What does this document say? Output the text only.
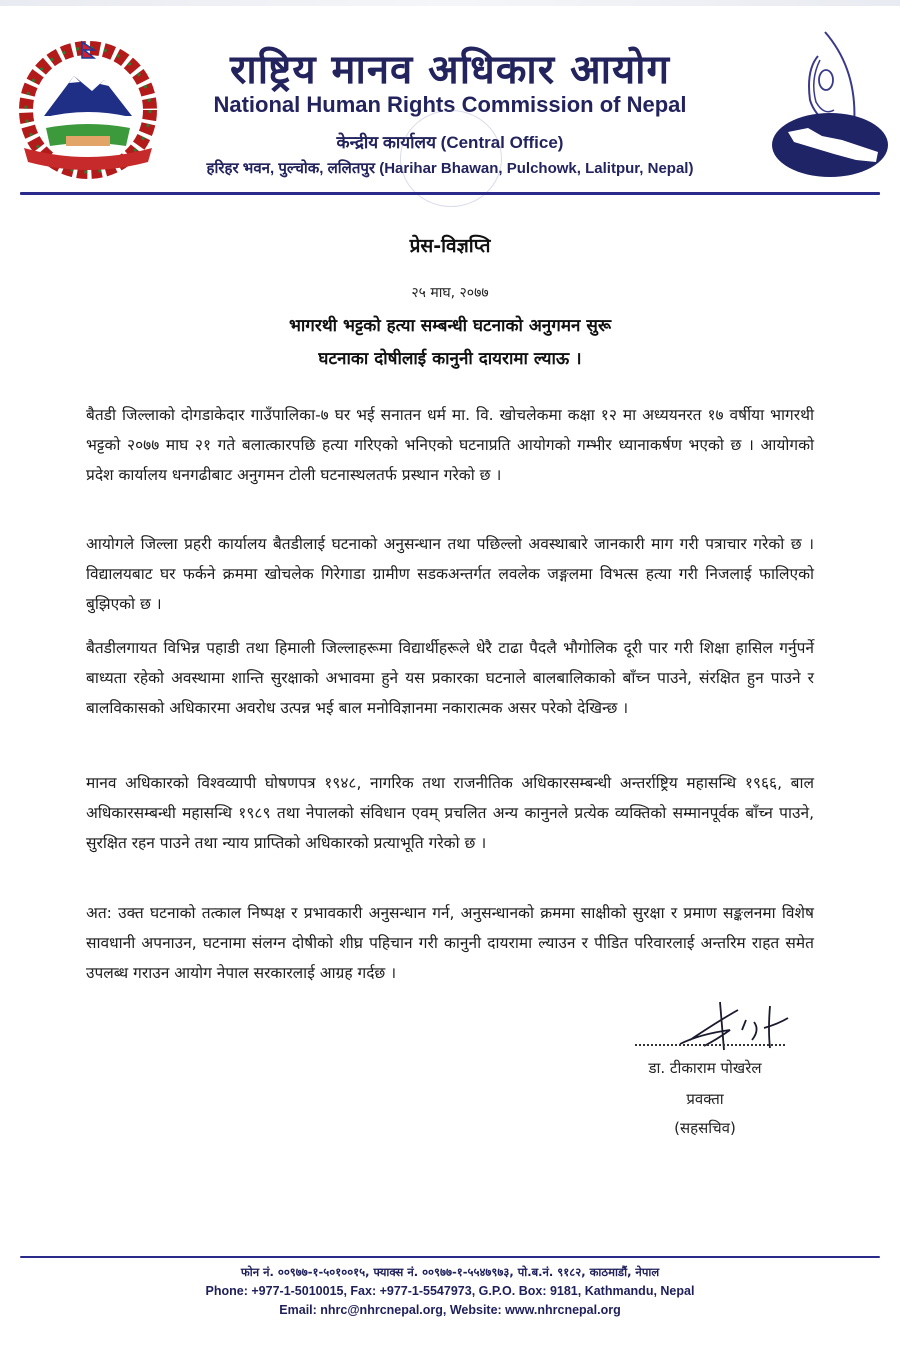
राष्ट्रिय मानव अधिकार आयोग
National Human Rights Commission of Nepal
केन्द्रीय कार्यालय (Central Office)
हरिहर भवन, पुल्चोक, ललितपुर (Harihar Bhawan, Pulchowk, Lalitpur, Nepal)
प्रेस-विज्ञप्ति
२५ माघ, २०७७
भागरथी भट्टको हत्या सम्बन्धी घटनाको अनुगमन सुरू
घटनाका दोषीलाई कानुनी दायरामा ल्याऊ ।
बैतडी जिल्लाको दोगडाकेदार गाउँपालिका-७ घर भई सनातन धर्म मा. वि. खोचलेकमा कक्षा १२ मा अध्ययनरत १७ वर्षीया भागरथी भट्टको २०७७ माघ २१ गते बलात्कारपछि हत्या गरिएको भनिएको घटनाप्रति आयोगको गम्भीर ध्यानाकर्षण भएको छ । आयोगको प्रदेश कार्यालय धनगढीबाट अनुगमन टोली घटनास्थलतर्फ प्रस्थान गरेको छ ।
आयोगले जिल्ला प्रहरी कार्यालय बैतडीलाई घटनाको अनुसन्धान तथा पछिल्लो अवस्थाबारे जानकारी माग गरी पत्राचार गरेको छ । विद्यालयबाट घर फर्कने क्रममा खोचलेक गिरेगाडा ग्रामीण सडकअन्तर्गत लवलेक जङ्गलमा विभत्स हत्या गरी निजलाई फालिएको बुझिएको छ ।
बैतडीलगायत विभिन्न पहाडी तथा हिमाली जिल्लाहरूमा विद्यार्थीहरूले धेरै टाढा पैदलै भौगोलिक दूरी पार गरी शिक्षा हासिल गर्नुपर्ने बाध्यता रहेको अवस्थामा शान्ति सुरक्षाको अभावमा हुने यस प्रकारका घटनाले बालबालिकाको बाँच्न पाउने, संरक्षित हुन पाउने र बालविकासको अधिकारमा अवरोध उत्पन्न भई बाल मनोविज्ञानमा नकारात्मक असर परेको देखिन्छ ।
मानव अधिकारको विश्वव्यापी घोषणपत्र १९४८, नागरिक तथा राजनीतिक अधिकारसम्बन्धी अन्तर्राष्ट्रिय महासन्धि १९६६, बाल अधिकारसम्बन्धी महासन्धि १९८९ तथा नेपालको संविधान एवम् प्रचलित अन्य कानुनले प्रत्येक व्यक्तिको सम्मानपूर्वक बाँच्न पाउने, सुरक्षित रहन पाउने तथा न्याय प्राप्तिको अधिकारको प्रत्याभूति गरेको छ ।
अत: उक्त घटनाको तत्काल निष्पक्ष र प्रभावकारी अनुसन्धान गर्न, अनुसन्धानको क्रममा साक्षीको सुरक्षा र प्रमाण सङ्कलनमा विशेष सावधानी अपनाउन, घटनामा संलग्न दोषीको शीघ्र पहिचान गरी कानुनी दायरामा ल्याउन र पीडित परिवारलाई अन्तरिम राहत समेत उपलब्ध गराउन आयोग नेपाल सरकारलाई आग्रह गर्दछ ।
डा. टीकाराम पोखरेल
प्रवक्ता
(सहसचिव)
फोन नं. ००९७७-१-५०१००१५, फ्याक्स नं. ००९७७-१-५५४७९७३, पो.ब.नं. ९१८२, काठमाडौं, नेपाल
Phone: +977-1-5010015, Fax: +977-1-5547973, G.P.O. Box: 9181, Kathmandu, Nepal
Email: nhrc@nhrcnepal.org, Website: www.nhrcnepal.org
